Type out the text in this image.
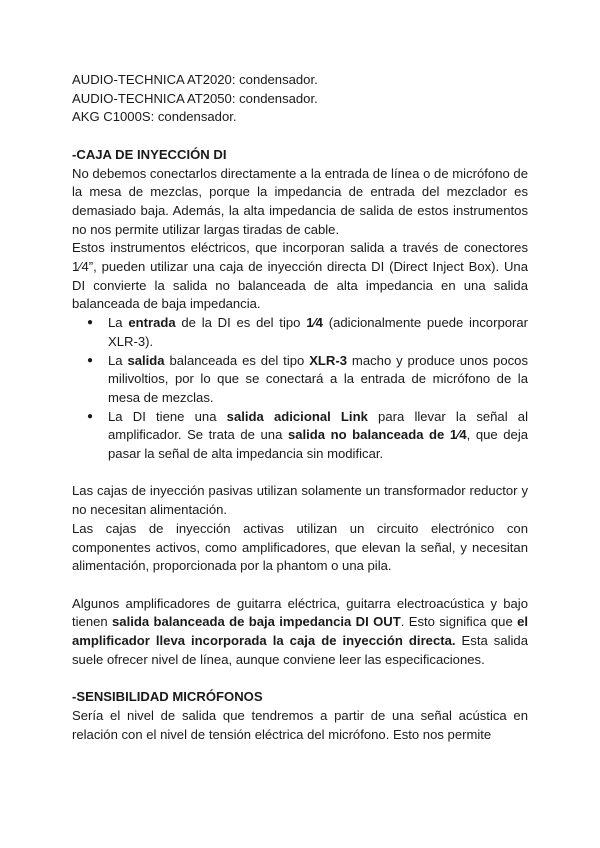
AUDIO-TECHNICA AT2020: condensador.

AUDIO-TECHNICA AT2050: condensador.

AKG C1000S: condensador.

-CAJA DE INYECCIÓN DI

No debemos conectarlos directamente a la entrada de línea o de micrófono de la mesa de mezclas, porque la impedancia de entrada del mezclador es demasiado baja. Además, la alta impedancia de salida de estos instrumentos no nos permite utilizar largas tiradas de cable.

Estos instrumentos eléctricos, que incorporan salida a través de conectores 1⁄4”, pueden utilizar una caja de inyección directa DI (Direct Inject Box). Una DI convierte la salida no balanceada de alta impedancia en una salida balanceada de baja impedancia.

● La entrada de la DI es del tipo 1⁄4 (adicionalmente puede incorporar XLR-3).
● La salida balanceada es del tipo XLR-3 macho y produce unos pocos milivoltios, por lo que se conectará a la entrada de micrófono de la mesa de mezclas.
● La DI tiene una salida adicional Link para llevar la señal al amplificador. Se trata de una salida no balanceada de 1⁄4, que deja pasar la señal de alta impedancia sin modificar.

Las cajas de inyección pasivas utilizan solamente un transformador reductor y no necesitan alimentación.

Las cajas de inyección activas utilizan un circuito electrónico con componentes activos, como amplificadores, que elevan la señal, y necesitan alimentación, proporcionada por la phantom o una pila.

Algunos amplificadores de guitarra eléctrica, guitarra electroacústica y bajo tienen salida balanceada de baja impedancia DI OUT. Esto significa que el amplificador lleva incorporada la caja de inyección directa. Esta salida suele ofrecer nivel de línea, aunque conviene leer las especificaciones.

-SENSIBILIDAD MICRÓFONOS

Sería el nivel de salida que tendremos a partir de una señal acústica en relación con el nivel de tensión eléctrica del micrófono. Esto nos permite
